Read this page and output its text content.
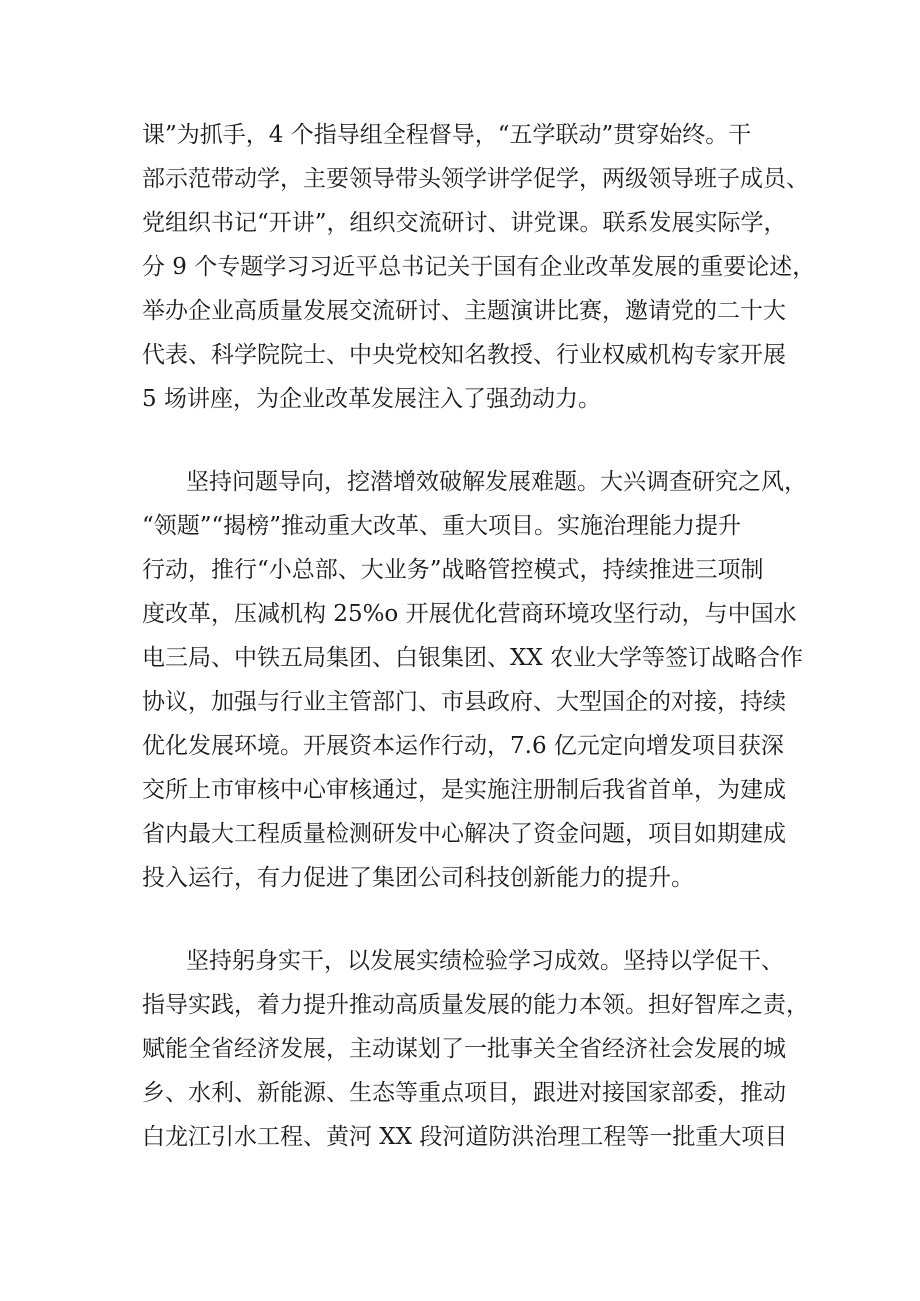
课”为抓手，4 个指导组全程督导，“五学联动”贯穿始终。干
部示范带动学，主要领导带头领学讲学促学，两级领导班子成员、
党组织书记“开讲”，组织交流研讨、讲党课。联系发展实际学，
分 9 个专题学习习近平总书记关于国有企业改革发展的重要论述，
举办企业高质量发展交流研讨、主题演讲比赛，邀请党的二十大
代表、科学院院士、中央党校知名教授、行业权威机构专家开展
5 场讲座，为企业改革发展注入了强劲动力。
坚持问题导向，挖潜增效破解发展难题。大兴调查研究之风，
“领题”“揭榜”推动重大改革、重大项目。实施治理能力提升
行动，推行“小总部、大业务”战略管控模式，持续推进三项制
度改革，压减机构 25%o 开展优化营商环境攻坚行动，与中国水
电三局、中铁五局集团、白银集团、XX 农业大学等签订战略合作
协议，加强与行业主管部门、市县政府、大型国企的对接，持续
优化发展环境。开展资本运作行动，7.6 亿元定向增发项目获深
交所上市审核中心审核通过，是实施注册制后我省首单，为建成
省内最大工程质量检测研发中心解决了资金问题，项目如期建成
投入运行，有力促进了集团公司科技创新能力的提升。
坚持躬身实干，以发展实绩检验学习成效。坚持以学促干、
指导实践，着力提升推动高质量发展的能力本领。担好智库之责，
赋能全省经济发展，主动谋划了一批事关全省经济社会发展的城
乡、水利、新能源、生态等重点项目，跟进对接国家部委，推动
白龙江引水工程、黄河 XX 段河道防洪治理工程等一批重大项目
